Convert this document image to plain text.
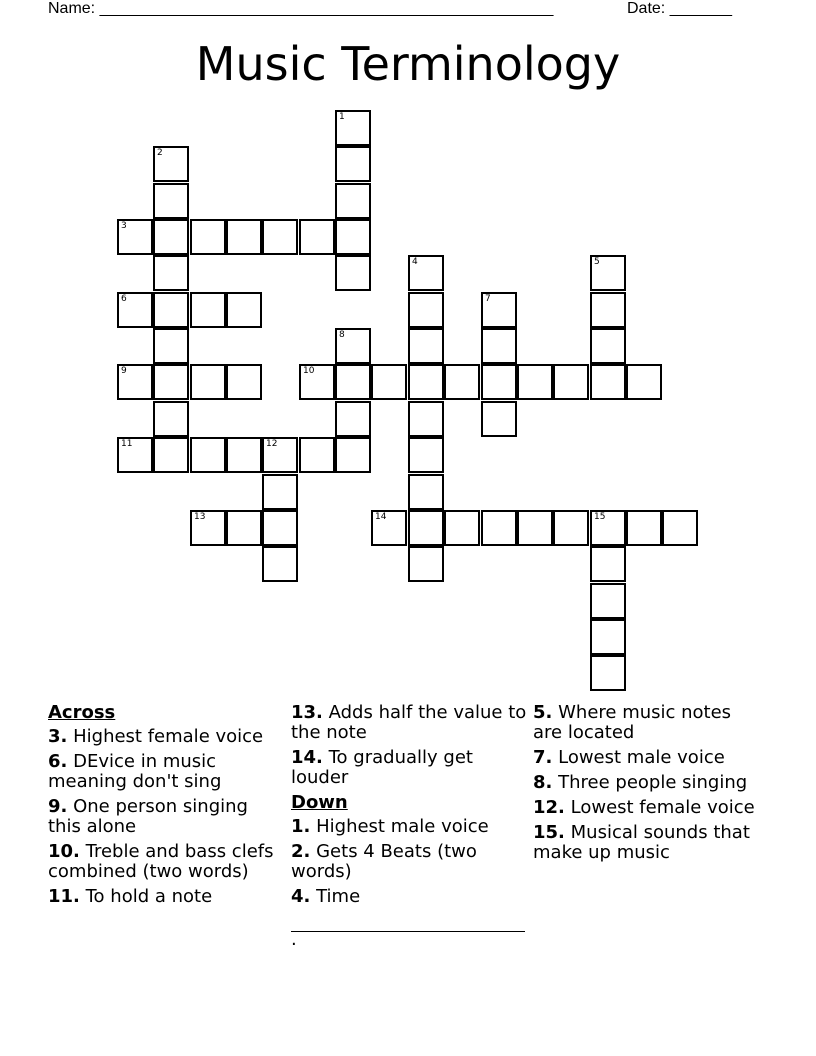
Name: ___________________________________________________	Date: _______
Music Terminology
1
2
3
4	5
6	7
8
9	10
11	12
13	14	15
Across
3. Highest female voice
6. DEvice in music meaning don't sing
9. One person singing this alone
10. Treble and bass clefs combined (two words)
11. To hold a note
13. Adds half the value to the note
14. To gradually get louder
Down
1. Highest male voice
2. Gets 4 Beats (two words)
4. Time
.
5. Where music notes are located
7. Lowest male voice
8. Three people singing
12. Lowest female voice
15. Musical sounds that make up music
